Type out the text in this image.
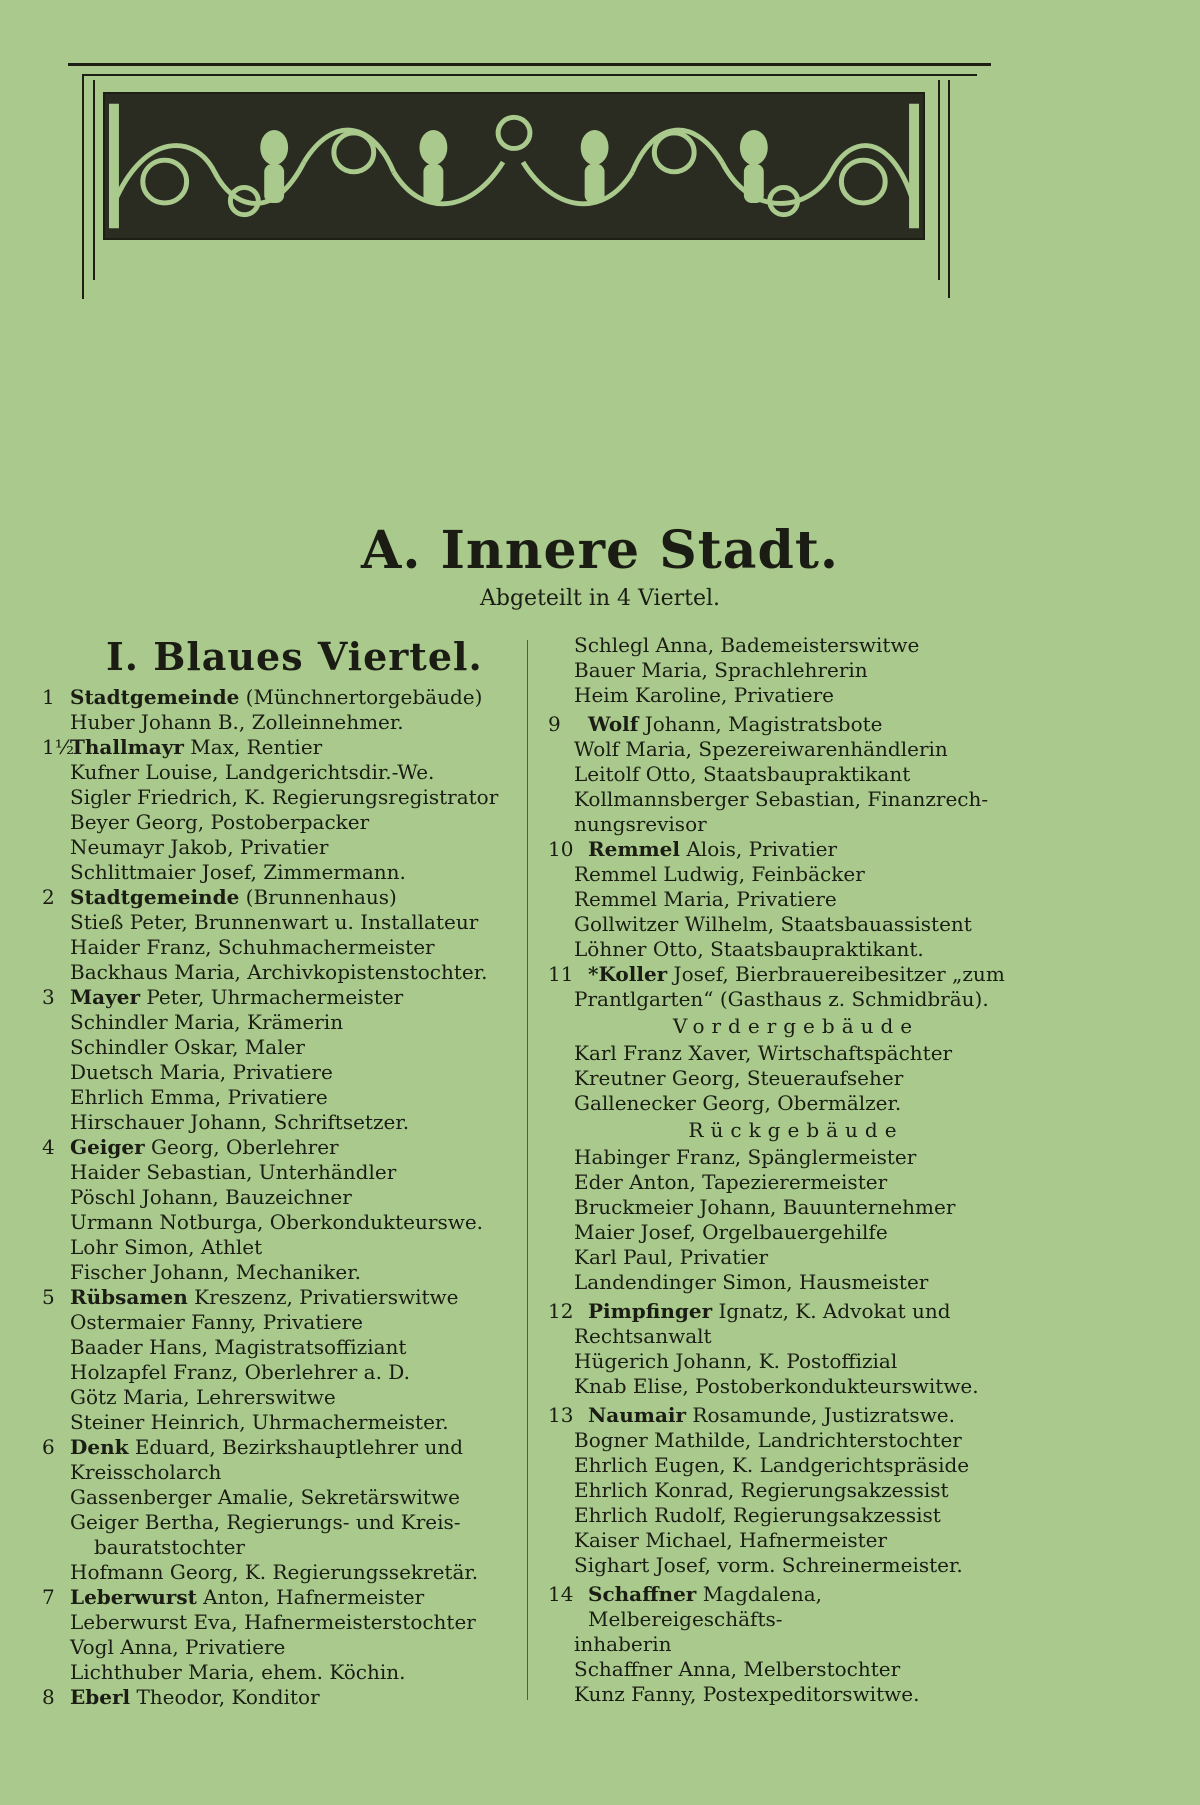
A. Innere Stadt.
Abgeteilt in 4 Viertel.
I. Blaues Viertel.
1 Stadtgemeinde (Münchnertorgebäude)
Huber Johann B., Zolleinnehmer.
1½
Thallmayr Max, Rentier
Kufner Louise, Landgerichtsdir.-We.
Sigler Friedrich, K. Regierungsregistrator
Beyer Georg, Postoberpacker
Neumayr Jakob, Privatier
Schlittmaier Josef, Zimmermann.
2 Stadtgemeinde (Brunnenhaus)
Stieß Peter, Brunnenwart u. Installateur
Haider Franz, Schuhmachermeister
Backhaus Maria, Archivkopistenstochter.
3 Mayer Peter, Uhrmachermeister
Schindler Maria, Krämerin
Schindler Oskar, Maler
Duetsch Maria, Privatiere
Ehrlich Emma, Privatiere
Hirschauer Johann, Schriftsetzer.
4 Geiger Georg, Oberlehrer
Haider Sebastian, Unterhändler
Pöschl Johann, Bauzeichner
Urmann Notburga, Oberkondukteurswe.
Lohr Simon, Athlet
Fischer Johann, Mechaniker.
5 Rübsamen Kreszenz, Privatierswitwe
Ostermaier Fanny, Privatiere
Baader Hans, Magistratsoffiziant
Holzapfel Franz, Oberlehrer a. D.
Götz Maria, Lehrerswitwe
Steiner Heinrich, Uhrmachermeister.
6 Denk Eduard, Bezirkshauptlehrer und
Kreisscholarch
Gassenberger Amalie, Sekretärswitwe
Geiger Bertha, Regierungs- und Kreis-
bauratstochter
Hofmann Georg, K. Regierungssekretär.
7 Leberwurst Anton, Hafnermeister
Leberwurst Eva, Hafnermeisterstochter
Vogl Anna, Privatiere
Lichthuber Maria, ehem. Köchin.
8 Eberl Theodor, Konditor
Schlegl Anna, Bademeisterswitwe
Bauer Maria, Sprachlehrerin
Heim Karoline, Privatiere
9	Wolf Johann, Magistratsbote
Wolf Maria, Spezereiwarenhändlerin
Leitolf Otto, Staatsbaupraktikant
Kollmannsberger Sebastian, Finanzrech-
nungsrevisor
10 Remmel Alois, Privatier
Remmel Ludwig, Feinbäcker
Remmel Maria, Privatiere
Gollwitzer Wilhelm, Staatsbauassistent
Löhner Otto, Staatsbaupraktikant.
11 *Koller Josef, Bierbrauereibesitzer „zum
Prantlgarten“ (Gasthaus z. Schmidbräu).
Vordergebäude
Karl Franz Xaver, Wirtschaftspächter
Kreutner Georg, Steueraufseher
Gallenecker Georg, Obermälzer.
Rückgebäude
Habinger Franz, Spänglermeister
Eder Anton, Tapezierermeister
Bruckmeier Johann, Bauunternehmer
Maier Josef, Orgelbauergehilfe
Karl Paul, Privatier
Landendinger Simon, Hausmeister
12 Pimpfinger Ignatz, K. Advokat und
Rechtsanwalt
Hügerich Johann, K. Postoffizial
Knab Elise, Postoberkondukteurswitwe.
13 Naumair Rosamunde, Justizratswe.
Bogner Mathilde, Landrichterstochter
Ehrlich Eugen, K. Landgerichtspräside
Ehrlich Konrad, Regierungsakzessist
Ehrlich Rudolf, Regierungsakzessist
Kaiser Michael, Hafnermeister
Sighart Josef, vorm. Schreinermeister.
14 Schaffner Magdalena, Melbereigeschäfts-
inhaberin
Schaffner Anna, Melberstochter
Kunz Fanny, Postexpeditorswitwe.
